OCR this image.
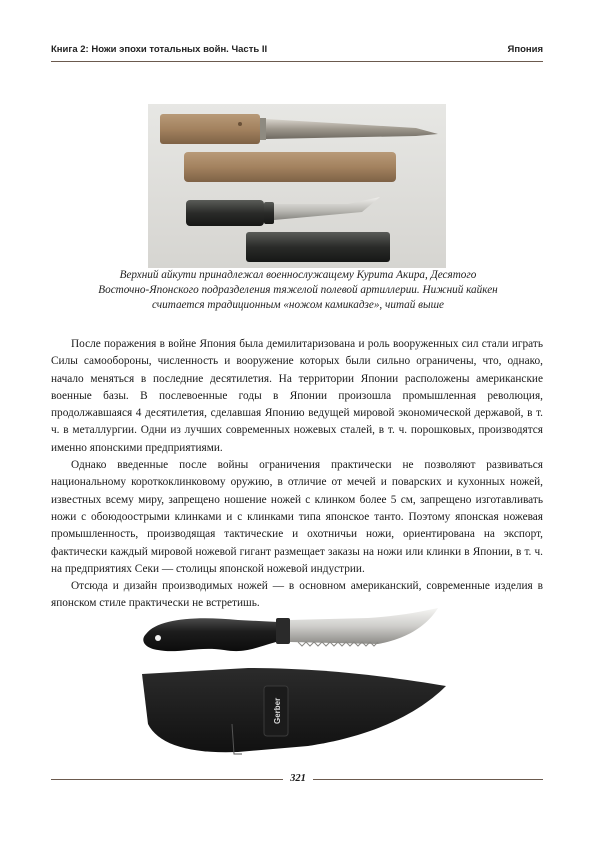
Книга 2: Ножи эпохи тотальных войн. Часть II	Япония
Верхний айкути принадлежал военнослужащему Курита Акира, Десятого
Восточно-Японского подразделения тяжелой полевой артиллерии. Нижний кайкен
считается традиционным «ножом камикадзе», читай выше

После поражения в войне Япония была демилитаризована и роль вооруженных сил стали играть Силы самообороны, численность и вооружение которых были сильно ограничены, что, однако, начало меняться в последние десятилетия. На территории Японии расположены американские военные базы. В послевоенные годы в Японии произошла промышленная революция, продолжавшаяся 4 десятилетия, сделавшая Японию ведущей мировой экономической державой, в т. ч. в металлургии. Одни из лучших современных ножевых сталей, в т. ч. порошковых, производятся именно японскими предприятиями.

Однако введенные после войны ограничения практически не позволяют развиваться национальному короткоклинковому оружию, в отличие от мечей и поварских и кухонных ножей, известных всему миру, запрещено ношение ножей с клинком более 5 см, запрещено изготавливать ножи с обоюдоострыми клинками и с клинками типа японское танто. Поэтому японская ножевая промышленность, производящая тактические и охотничьи ножи, ориентирована на экспорт, фактически каждый мировой ножевой гигант размещает заказы на ножи или клинки в Японии, в т. ч. на предприятиях Секи — столицы японской ножевой индустрии.

Отсюда и дизайн производимых ножей — в основном американский, современные изделия в японском стиле практически не встретишь.

Gerber
321
